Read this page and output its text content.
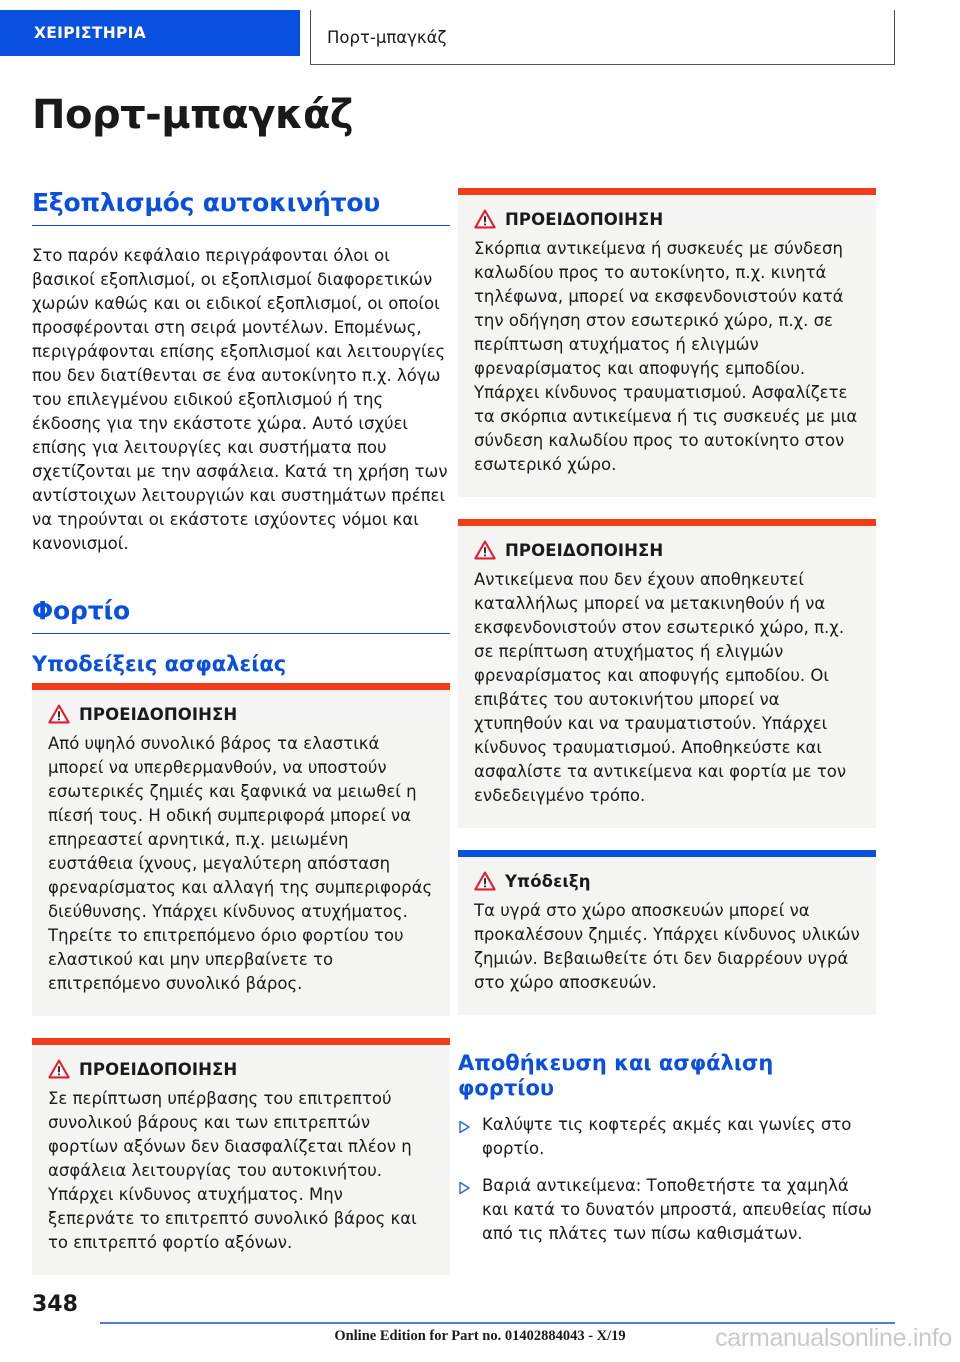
ΧΕΙΡΙΣΤΗΡΙΑ	Πορτ-μπαγκάζ
Πορτ-μπαγκάζ
Εξοπλισμός αυτοκινήτου

Στο παρόν κεφάλαιο περιγράφονται όλοι οι βασικοί εξοπλισμοί, οι εξοπλισμοί διαφορετικών χωρών καθώς και οι ειδικοί εξοπλισμοί, οι οποίοι προσφέρονται στη σειρά μοντέλων. Επομένως, περιγράφονται επίσης εξοπλισμοί και λειτουργίες που δεν διατίθενται σε ένα αυτοκίνητο π.χ. λόγω του επιλεγμένου ειδικού εξοπλισμού ή της έκδοσης για την εκάστοτε χώρα. Αυτό ισχύει επίσης για λειτουργίες και συστήματα που σχετίζονται με την ασφάλεια. Κατά τη χρήση των αντίστοιχων λειτουργιών και συστημάτων πρέπει να τηρούνται οι εκάστοτε ισχύοντες νόμοι και κανονισμοί.

Φορτίο
Υποδείξεις ασφαλείας
ΠΡΟΕΙΔΟΠΟΙΗΣΗ

Από υψηλό συνολικό βάρος τα ελαστικά μπορεί να υπερθερμανθούν, να υποστούν εσωτερικές ζημιές και ξαφνικά να μειωθεί η πίεσή τους. Η οδική συμπεριφορά μπορεί να επηρεαστεί αρνητικά, π.χ. μειωμένη ευστάθεια ίχνους, μεγαλύτερη απόσταση φρεναρίσματος και αλλαγή της συμπεριφοράς διεύθυνσης. Υπάρχει κίνδυνος ατυχήματος. Τηρείτε το επιτρεπόμενο όριο φορτίου του ελαστικού και μην υπερβαίνετε το επιτρεπόμενο συνολικό βάρος.

ΠΡΟΕΙΔΟΠΟΙΗΣΗ

Σε περίπτωση υπέρβασης του επιτρεπτού συνολικού βάρους και των επιτρεπτών φορτίων αξόνων δεν διασφαλίζεται πλέον η ασφάλεια λειτουργίας του αυτοκινήτου. Υπάρχει κίνδυνος ατυχήματος. Μην ξεπερνάτε το επιτρεπτό συνολικό βάρος και το επιτρεπτό φορτίο αξόνων.

ΠΡΟΕΙΔΟΠΟΙΗΣΗ

Σκόρπια αντικείμενα ή συσκευές με σύνδεση καλωδίου προς το αυτοκίνητο, π.χ. κινητά τηλέφωνα, μπορεί να εκσφενδονιστούν κατά την οδήγηση στον εσωτερικό χώρο, π.χ. σε περίπτωση ατυχήματος ή ελιγμών φρεναρίσματος και αποφυγής εμποδίου. Υπάρχει κίνδυνος τραυματισμού. Ασφαλίζετε τα σκόρπια αντικείμενα ή τις συσκευές με μια σύνδεση καλωδίου προς το αυτοκίνητο στον εσωτερικό χώρο.

ΠΡΟΕΙΔΟΠΟΙΗΣΗ

Αντικείμενα που δεν έχουν αποθηκευτεί καταλλήλως μπορεί να μετακινηθούν ή να εκσφενδονιστούν στον εσωτερικό χώρο, π.χ. σε περίπτωση ατυχήματος ή ελιγμών φρεναρίσματος και αποφυγής εμποδίου. Οι επιβάτες του αυτοκινήτου μπορεί να χτυπηθούν και να τραυματιστούν. Υπάρχει κίνδυνος τραυματισμού. Αποθηκεύστε και ασφαλίστε τα αντικείμενα και φορτία με τον ενδεδειγμένο τρόπο.

Υπόδειξη

Τα υγρά στο χώρο αποσκευών μπορεί να προκαλέσουν ζημιές. Υπάρχει κίνδυνος υλικών ζημιών. Βεβαιωθείτε ότι δεν διαρρέουν υγρά στο χώρο αποσκευών.

Αποθήκευση και ασφάλιση φορτίου
Καλύψτε τις κοφτερές ακμές και γωνίες στο φορτίο.
Βαριά αντικείμενα: Τοποθετήστε τα χαμηλά και κατά το δυνατόν μπροστά, απευθείας πίσω από τις πλάτες των πίσω καθισμάτων.
348
Online Edition for Part no. 01402884043 - X/19	carmanualsonline.info
